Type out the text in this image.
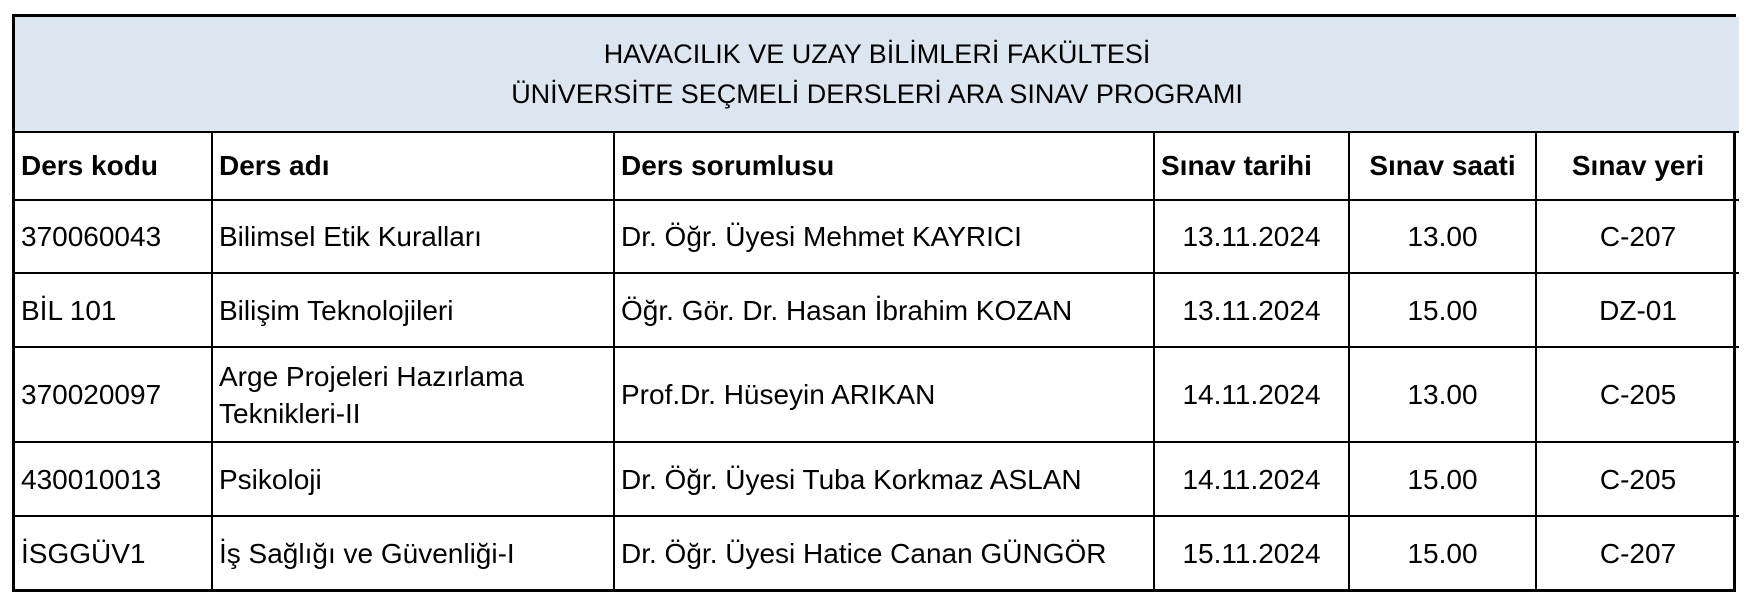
HAVACILIK VE UZAY BİLİMLERİ FAKÜLTESİ
ÜNİVERSİTE SEÇMELİ DERSLERİ ARA SINAV PROGRAMI					

Ders kodu	Ders adı	Ders sorumlusu	Sınav tarihi	Sınav saati	Sınav yeri
370060043	Bilimsel Etik Kuralları	Dr. Öğr. Üyesi Mehmet KAYRICI	13.11.2024	13.00	C-207
BİL 101	Bilişim Teknolojileri	Öğr. Gör. Dr. Hasan İbrahim KOZAN	13.11.2024	15.00	DZ-01
370020097	Arge Projeleri Hazırlama Teknikleri-II	Prof.Dr. Hüseyin ARIKAN	14.11.2024	13.00	C-205
430010013	Psikoloji	Dr. Öğr. Üyesi Tuba Korkmaz ASLAN	14.11.2024	15.00	C-205
İSGGÜV1	İş Sağlığı ve Güvenliği-I	Dr. Öğr. Üyesi Hatice Canan GÜNGÖR	15.11.2024	15.00	C-207
